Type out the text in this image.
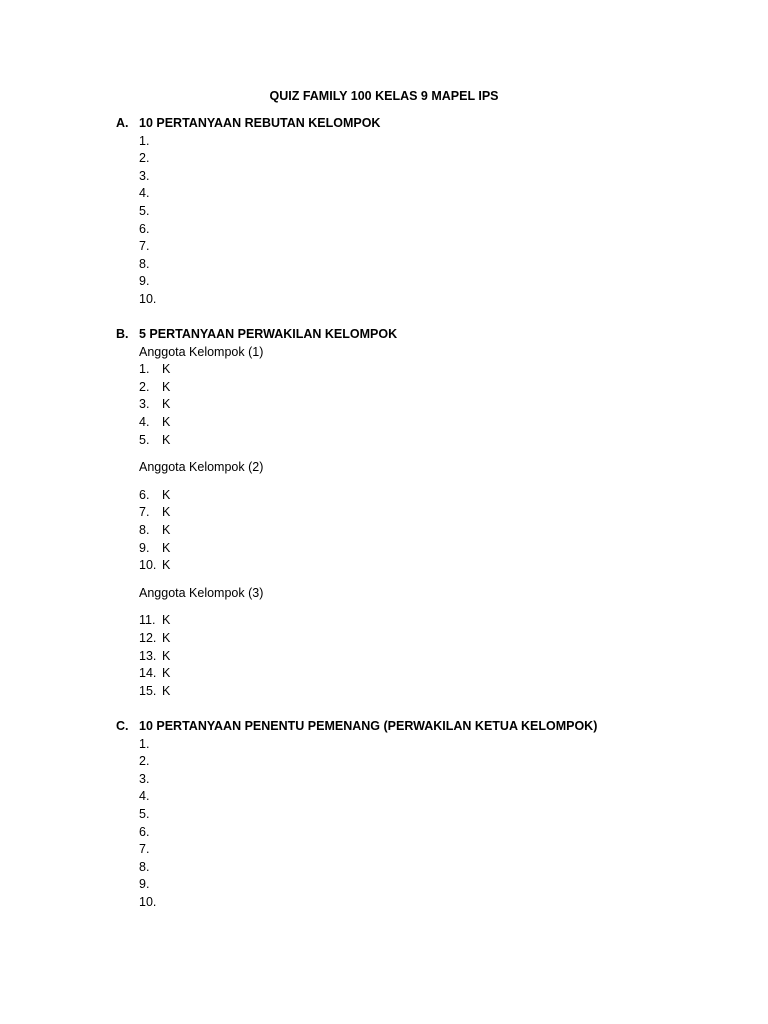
QUIZ FAMILY 100 KELAS 9 MAPEL IPS
A. 10 PERTANYAAN REBUTAN KELOMPOK
1.
2.
3.
4.
5.
6.
7.
8.
9.
10.
B. 5 PERTANYAAN PERWAKILAN KELOMPOK
Anggota Kelompok (1)
1. K
2. K
3. K
4. K
5. K
Anggota Kelompok (2)
6. K
7. K
8. K
9. K
10. K
Anggota Kelompok (3)
11. K
12. K
13. K
14. K
15. K
C. 10 PERTANYAAN PENENTU PEMENANG (PERWAKILAN KETUA KELOMPOK)
1.
2.
3.
4.
5.
6.
7.
8.
9.
10.
